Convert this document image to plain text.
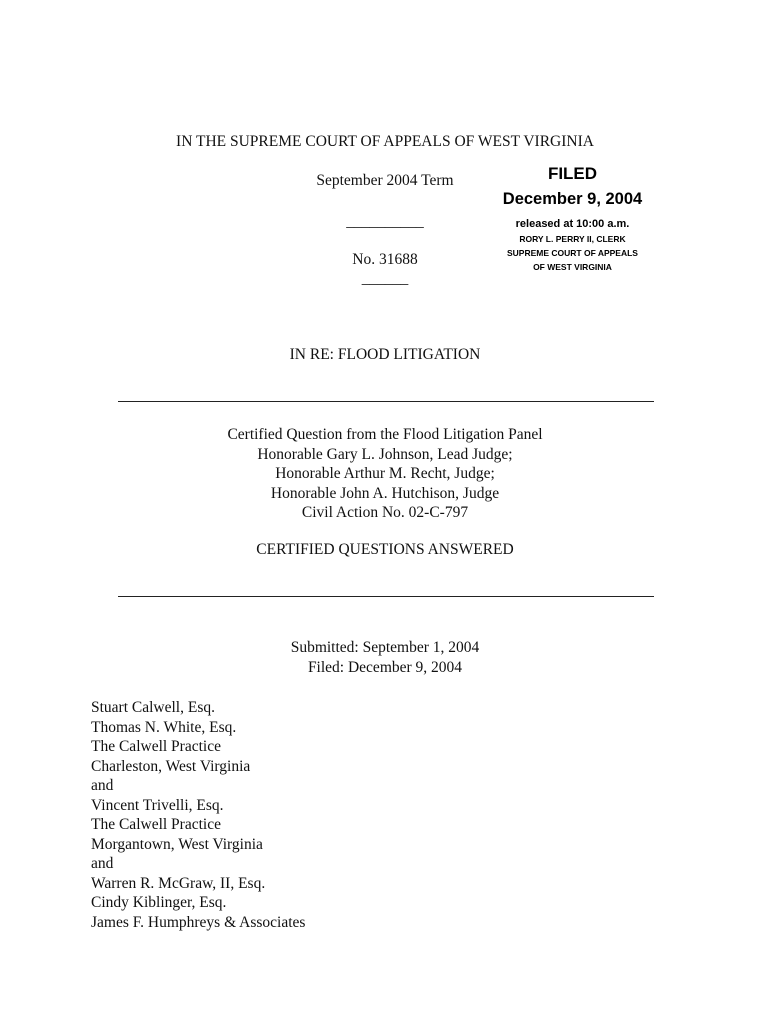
IN THE SUPREME COURT OF APPEALS OF WEST VIRGINIA
September 2004 Term
__________
No. 31688
______
FILED
December 9, 2004
released at 10:00 a.m.
RORY L. PERRY II, CLERK
SUPREME COURT OF APPEALS
OF WEST VIRGINIA
IN RE: FLOOD LITIGATION
Certified Question from the Flood Litigation Panel
Honorable Gary L. Johnson, Lead Judge;
Honorable Arthur M. Recht, Judge;
Honorable John A. Hutchison, Judge
Civil Action No. 02-C-797
CERTIFIED QUESTIONS ANSWERED
Submitted: September 1, 2004
Filed: December 9, 2004
Stuart Calwell, Esq.
Thomas N. White, Esq.
The Calwell Practice
Charleston, West Virginia
and
Vincent Trivelli, Esq.
The Calwell Practice
Morgantown, West Virginia
and
Warren R. McGraw, II, Esq.
Cindy Kiblinger, Esq.
James F. Humphreys & Associates
